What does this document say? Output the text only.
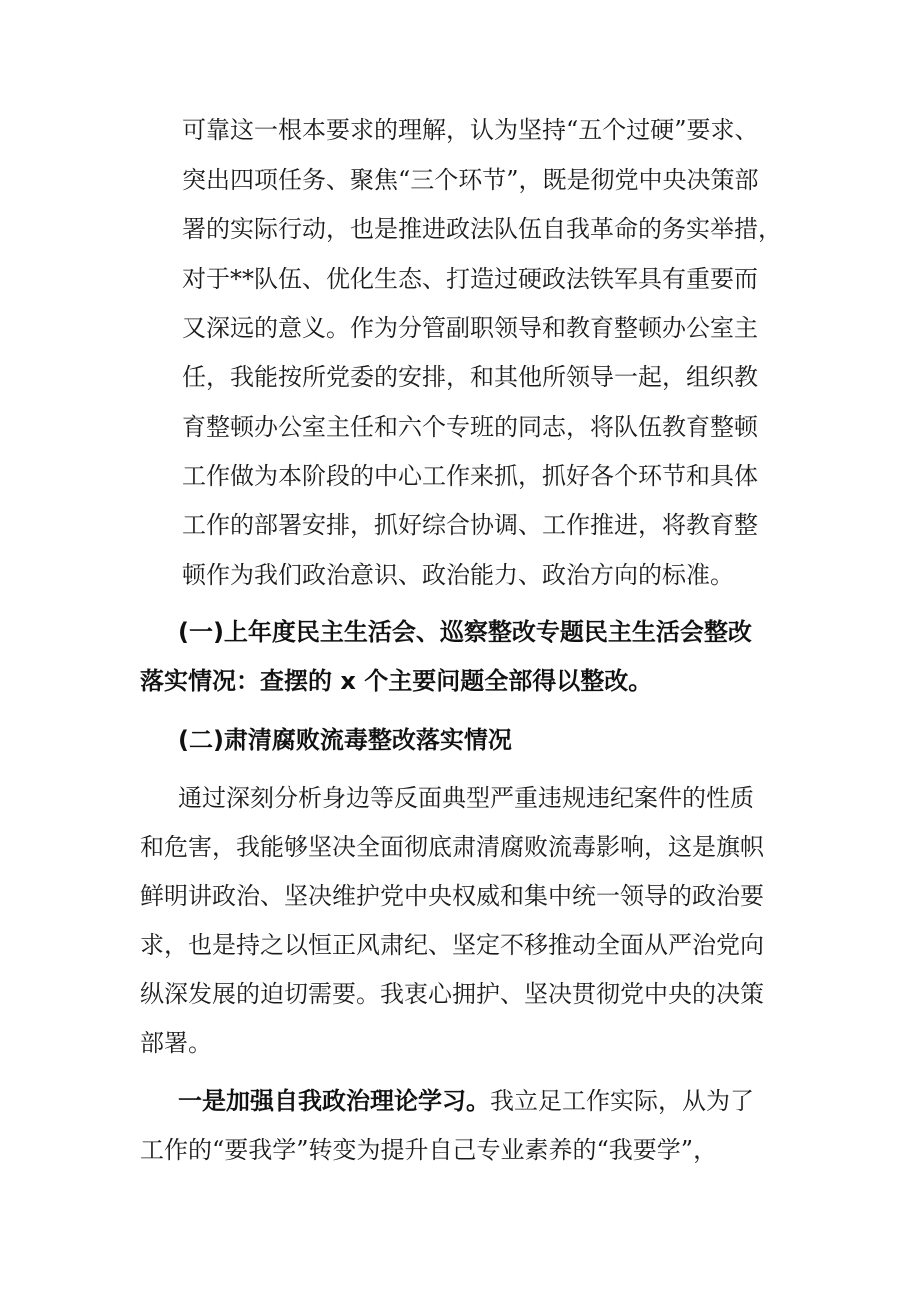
可靠这一根本要求的理解，认为坚持“五个过硬”要求、
突出四项任务、聚焦“三个环节”，既是彻党中央决策部
署的实际行动，也是推进政法队伍自我革命的务实举措，
对于**队伍、优化生态、打造过硬政法铁军具有重要而
又深远的意义。作为分管副职领导和教育整顿办公室主
任，我能按所党委的安排，和其他所领导一起，组织教
育整顿办公室主任和六个专班的同志，将队伍教育整顿
工作做为本阶段的中心工作来抓，抓好各个环节和具体
工作的部署安排，抓好综合协调、工作推进，将教育整
顿作为我们政治意识、政治能力、政治方向的标准。
(一)上年度民主生活会、巡察整改专题民主生活会整改
落实情况：查摆的 x 个主要问题全部得以整改。
(二)肃清腐败流毒整改落实情况
通过深刻分析身边等反面典型严重违规违纪案件的性质
和危害，我能够坚决全面彻底肃清腐败流毒影响，这是旗帜
鲜明讲政治、坚决维护党中央权威和集中统一领导的政治要
求，也是持之以恒正风肃纪、坚定不移推动全面从严治党向
纵深发展的迫切需要。我衷心拥护、坚决贯彻党中央的决策
部署。
一是加强自我政治理论学习。我立足工作实际，从为了
工作的“要我学”转变为提升自己专业素养的“我要学”，
